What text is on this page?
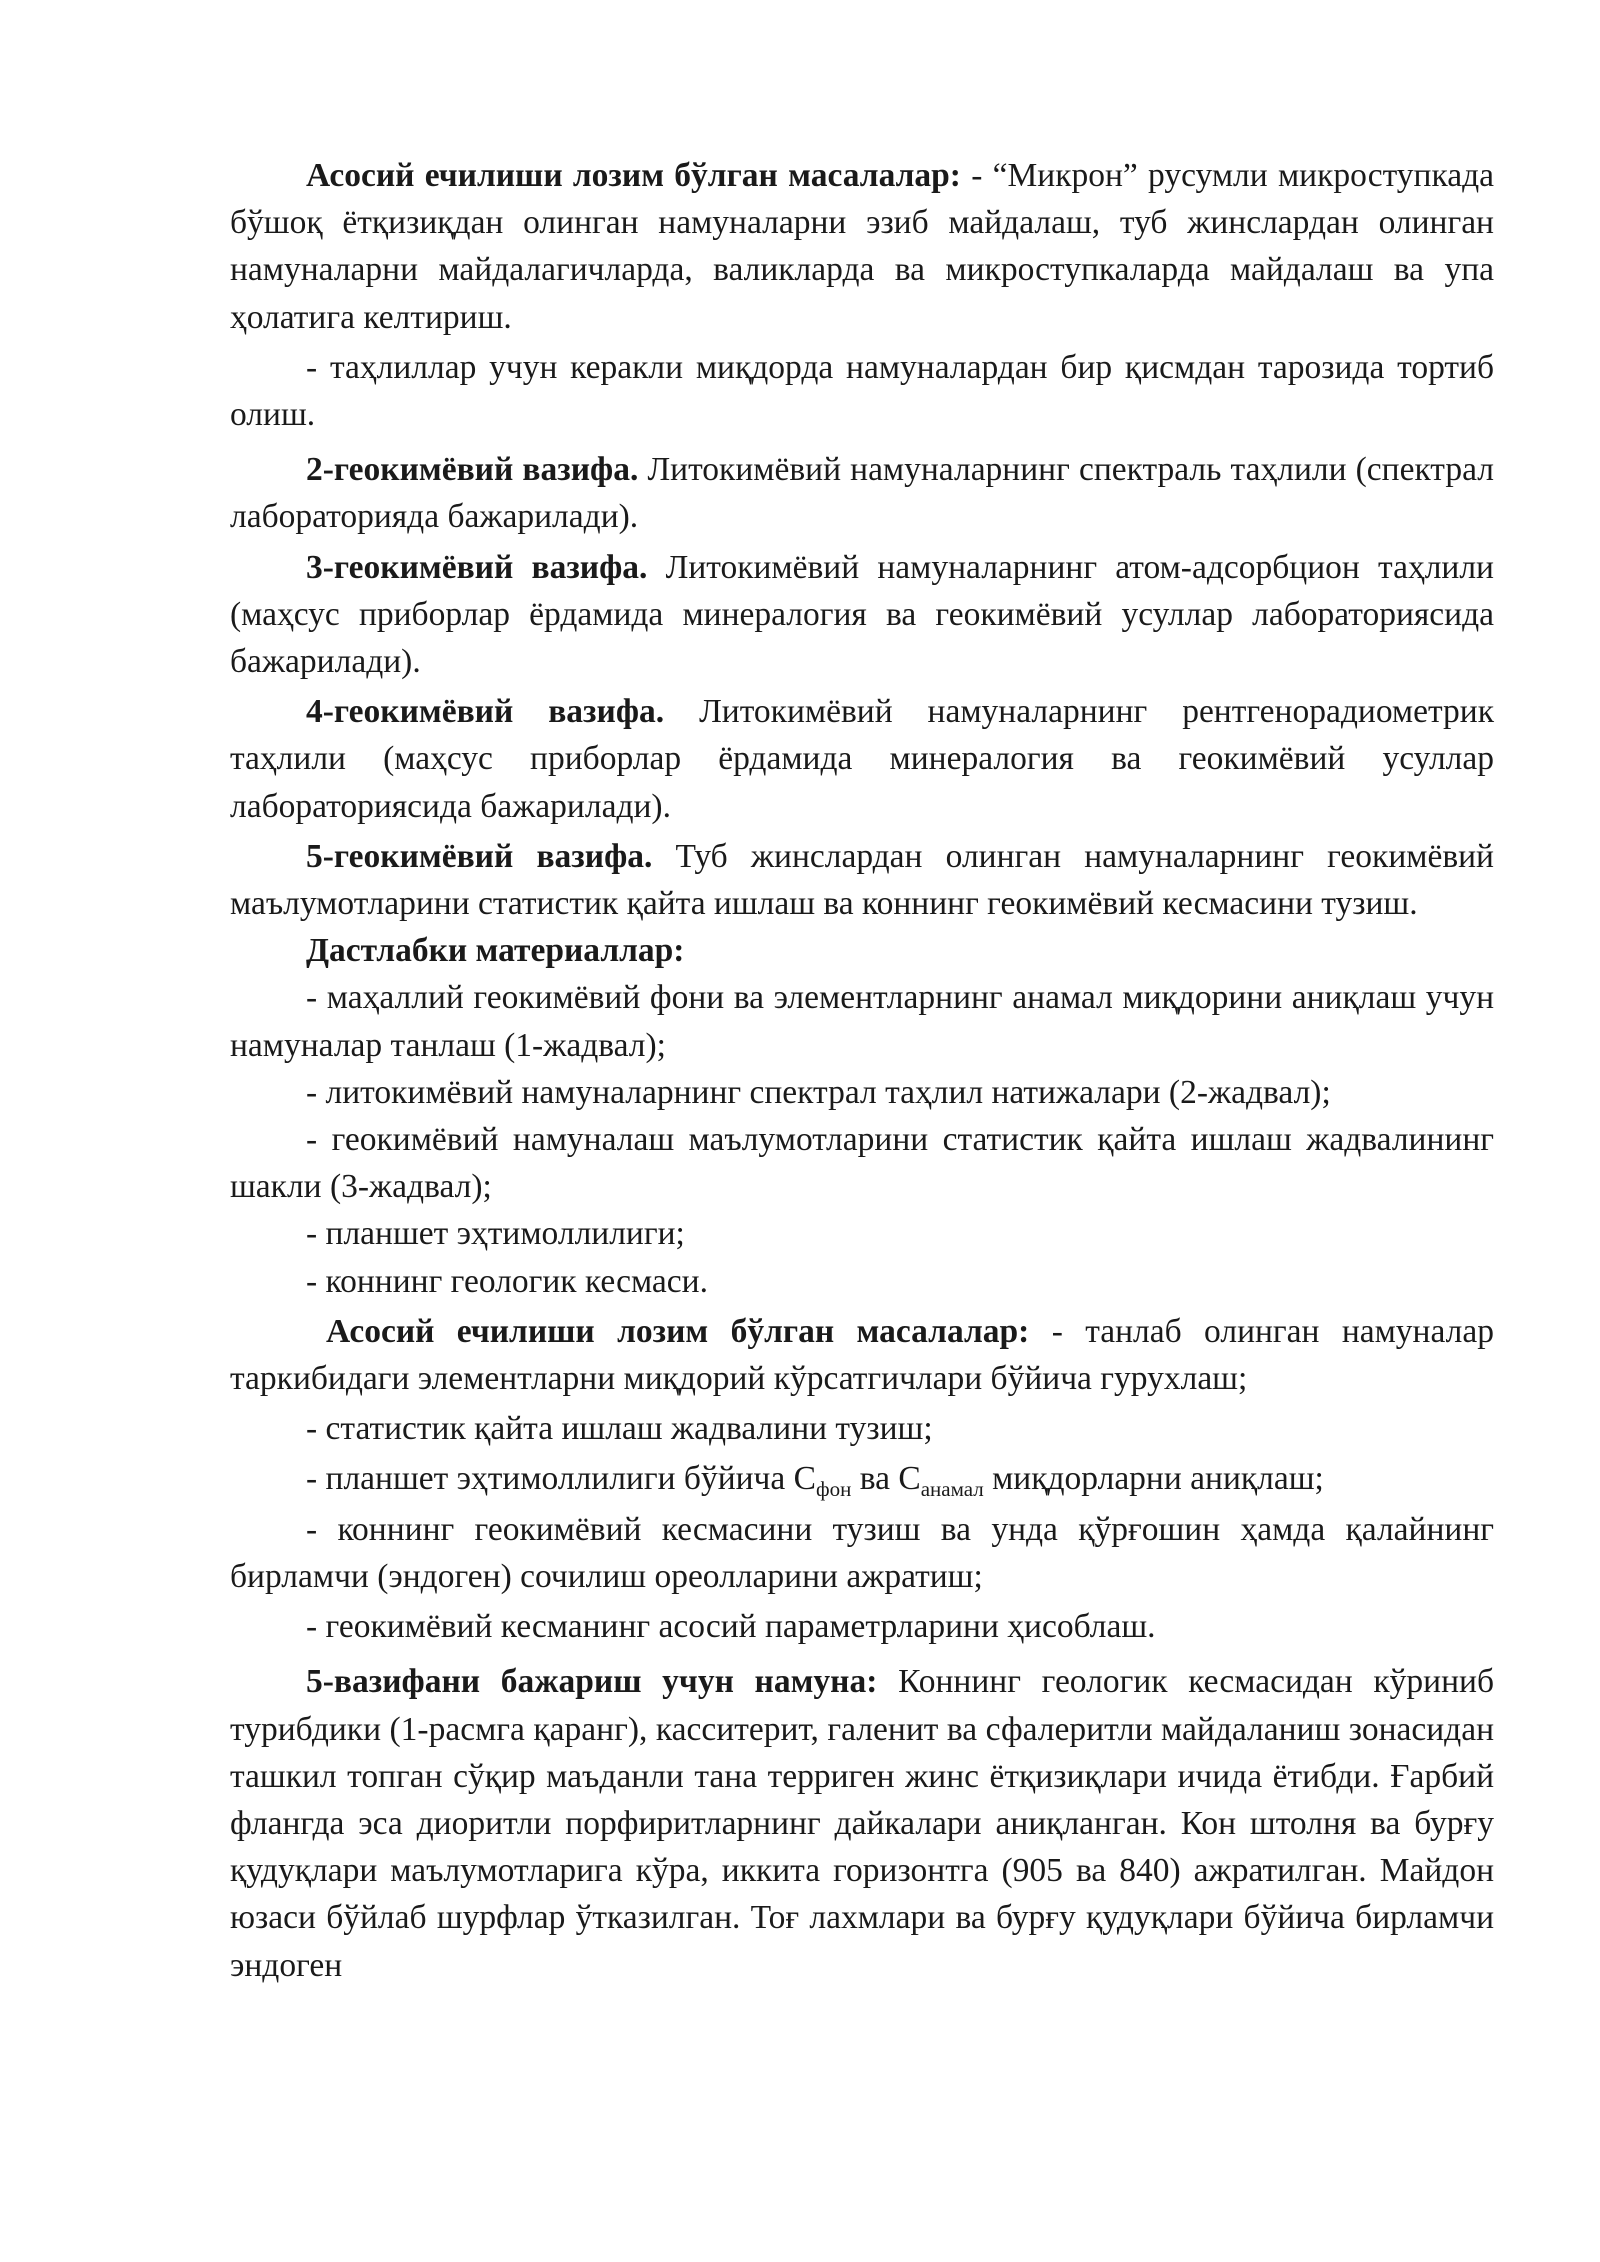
Асосий ечилиши лозим бўлган масалалар: - “Микрон” русумли микроступкада бўшоқ ётқизиқдан олинган намуналарни эзиб майдалаш, туб жинслардан олинган намуналарни майдалагичларда, валикларда ва микроступкаларда майдалаш ва упа ҳолатига келтириш.

- таҳлиллар учун керакли миқдорда намуналардан бир қисмдан тарозида тортиб олиш.

2-геокимёвий вазифа. Литокимёвий намуналарнинг спектраль таҳлили (спектрал лабораторияда бажарилади).

3-геокимёвий вазифа. Литокимёвий намуналарнинг атом-адсорбцион таҳлили (маҳсус приборлар ёрдамида минералогия ва геокимёвий усуллар лабораториясида бажарилади).

4-геокимёвий вазифа. Литокимёвий намуналарнинг рентгенорадиометрик таҳлили (маҳсус приборлар ёрдамида минералогия ва геокимёвий усуллар лабораториясида бажарилади).

5-геокимёвий вазифа. Туб жинслардан олинган намуналарнинг геокимёвий маълумотларини статистик қайта ишлаш ва коннинг геокимёвий кесмасини тузиш.

Дастлабки материаллар:

- маҳаллий геокимёвий фони ва элементларнинг анамал миқдорини аниқлаш учун намуналар танлаш (1-жадвал);

- литокимёвий намуналарнинг спектрал таҳлил натижалари (2-жадвал);

- геокимёвий намуналаш маълумотларини статистик қайта ишлаш жадвалининг шакли (3-жадвал);

- планшет эҳтимоллилиги;

- коннинг геологик кесмаси.

Асосий ечилиши лозим бўлган масалалар: - танлаб олинган намуналар таркибидаги элементларни миқдорий кўрсатгичлари бўйича гурухлаш;

- статистик қайта ишлаш жадвалини тузиш;

- планшет эҳтимоллилиги бўйича $С_{фон}$ ва $С_{анамал}$ миқдорларни аниқлаш;

- коннинг геокимёвий кесмасини тузиш ва унда қўрғошин ҳамда қалайнинг бирламчи (эндоген) сочилиш ореолларини ажратиш;

- геокимёвий кесманинг асосий параметрларини ҳисоблаш.

5-вазифани бажариш учун намуна: Коннинг геологик кесмасидан кўриниб турибдики (1-расмга қаранг), касситерит, галенит ва сфалеритли майдаланиш зонасидан ташкил топган сўқир маъданли тана терриген жинс ётқизиқлари ичида ётибди. Ғарбий флангда эса диоритли порфиритларнинг дайкалари аниқланган. Кон штолня ва бурғу қудуқлари маълумотларига кўра, иккита горизонтга (905 ва 840) ажратилган. Майдон юзаси бўйлаб шурфлар ўтказилган. Тоғ лахмлари ва бурғу қудуқлари бўйича бирламчи эндоген
